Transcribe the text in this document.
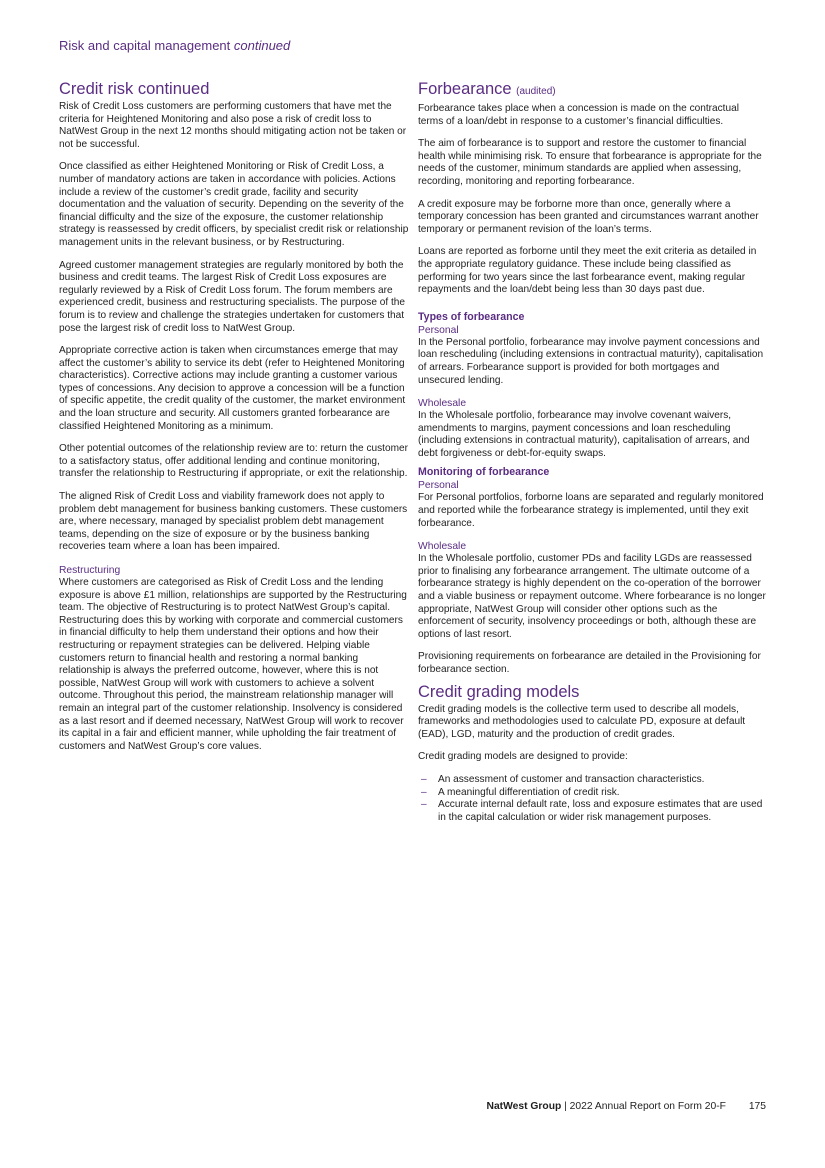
Risk and capital management continued
Credit risk continued

Risk of Credit Loss customers are performing customers that have met the criteria for Heightened Monitoring and also pose a risk of credit loss to NatWest Group in the next 12 months should mitigating action not be taken or not be successful.

Once classified as either Heightened Monitoring or Risk of Credit Loss, a number of mandatory actions are taken in accordance with policies. Actions include a review of the customer’s credit grade, facility and security documentation and the valuation of security. Depending on the severity of the financial difficulty and the size of the exposure, the customer relationship strategy is reassessed by credit officers, by specialist credit risk or relationship management units in the relevant business, or by Restructuring.

Agreed customer management strategies are regularly monitored by both the business and credit teams. The largest Risk of Credit Loss exposures are regularly reviewed by a Risk of Credit Loss forum. The forum members are experienced credit, business and restructuring specialists. The purpose of the forum is to review and challenge the strategies undertaken for customers that pose the largest risk of credit loss to NatWest Group.

Appropriate corrective action is taken when circumstances emerge that may affect the customer’s ability to service its debt (refer to Heightened Monitoring characteristics). Corrective actions may include granting a customer various types of concessions. Any decision to approve a concession will be a function of specific appetite, the credit quality of the customer, the market environment and the loan structure and security. All customers granted forbearance are classified Heightened Monitoring as a minimum.

Other potential outcomes of the relationship review are to: return the customer to a satisfactory status, offer additional lending and continue monitoring, transfer the relationship to Restructuring if appropriate, or exit the relationship.

The aligned Risk of Credit Loss and viability framework does not apply to problem debt management for business banking customers. These customers are, where necessary, managed by specialist problem debt management teams, depending on the size of exposure or by the business banking recoveries team where a loan has been impaired.

Restructuring

Where customers are categorised as Risk of Credit Loss and the lending exposure is above £1 million, relationships are supported by the Restructuring team. The objective of Restructuring is to protect NatWest Group’s capital. Restructuring does this by working with corporate and commercial customers in financial difficulty to help them understand their options and how their restructuring or repayment strategies can be delivered. Helping viable customers return to financial health and restoring a normal banking relationship is always the preferred outcome, however, where this is not possible, NatWest Group will work with customers to achieve a solvent outcome. Throughout this period, the mainstream relationship manager will remain an integral part of the customer relationship. Insolvency is considered as a last resort and if deemed necessary, NatWest Group will work to recover its capital in a fair and efficient manner, while upholding the fair treatment of customers and NatWest Group’s core values.

Forbearance (audited)

Forbearance takes place when a concession is made on the contractual terms of a loan/debt in response to a customer’s financial difficulties.

The aim of forbearance is to support and restore the customer to financial health while minimising risk. To ensure that forbearance is appropriate for the needs of the customer, minimum standards are applied when assessing, recording, monitoring and reporting forbearance.

A credit exposure may be forborne more than once, generally where a temporary concession has been granted and circumstances warrant another temporary or permanent revision of the loan’s terms.

Loans are reported as forborne until they meet the exit criteria as detailed in the appropriate regulatory guidance. These include being classified as performing for two years since the last forbearance event, making regular repayments and the loan/debt being less than 30 days past due.

Types of forbearance
Personal

In the Personal portfolio, forbearance may involve payment concessions and loan rescheduling (including extensions in contractual maturity), capitalisation of arrears. Forbearance support is provided for both mortgages and unsecured lending.

Wholesale

In the Wholesale portfolio, forbearance may involve covenant waivers, amendments to margins, payment concessions and loan rescheduling (including extensions in contractual maturity), capitalisation of arrears, and debt forgiveness or debt-for-equity swaps.

Monitoring of forbearance
Personal

For Personal portfolios, forborne loans are separated and regularly monitored and reported while the forbearance strategy is implemented, until they exit forbearance.

Wholesale

In the Wholesale portfolio, customer PDs and facility LGDs are reassessed prior to finalising any forbearance arrangement. The ultimate outcome of a forbearance strategy is highly dependent on the co-operation of the borrower and a viable business or repayment outcome. Where forbearance is no longer appropriate, NatWest Group will consider other options such as the enforcement of security, insolvency proceedings or both, although these are options of last resort.

Provisioning requirements on forbearance are detailed in the Provisioning for forbearance section.

Credit grading models

Credit grading models is the collective term used to describe all models, frameworks and methodologies used to calculate PD, exposure at default (EAD), LGD, maturity and the production of credit grades.

Credit grading models are designed to provide:

– An assessment of customer and transaction characteristics.
– A meaningful differentiation of credit risk.
– Accurate internal default rate, loss and exposure estimates that are used in the capital calculation or wider risk management purposes.
NatWest Group | 2022 Annual Report on Form 20-F 175
